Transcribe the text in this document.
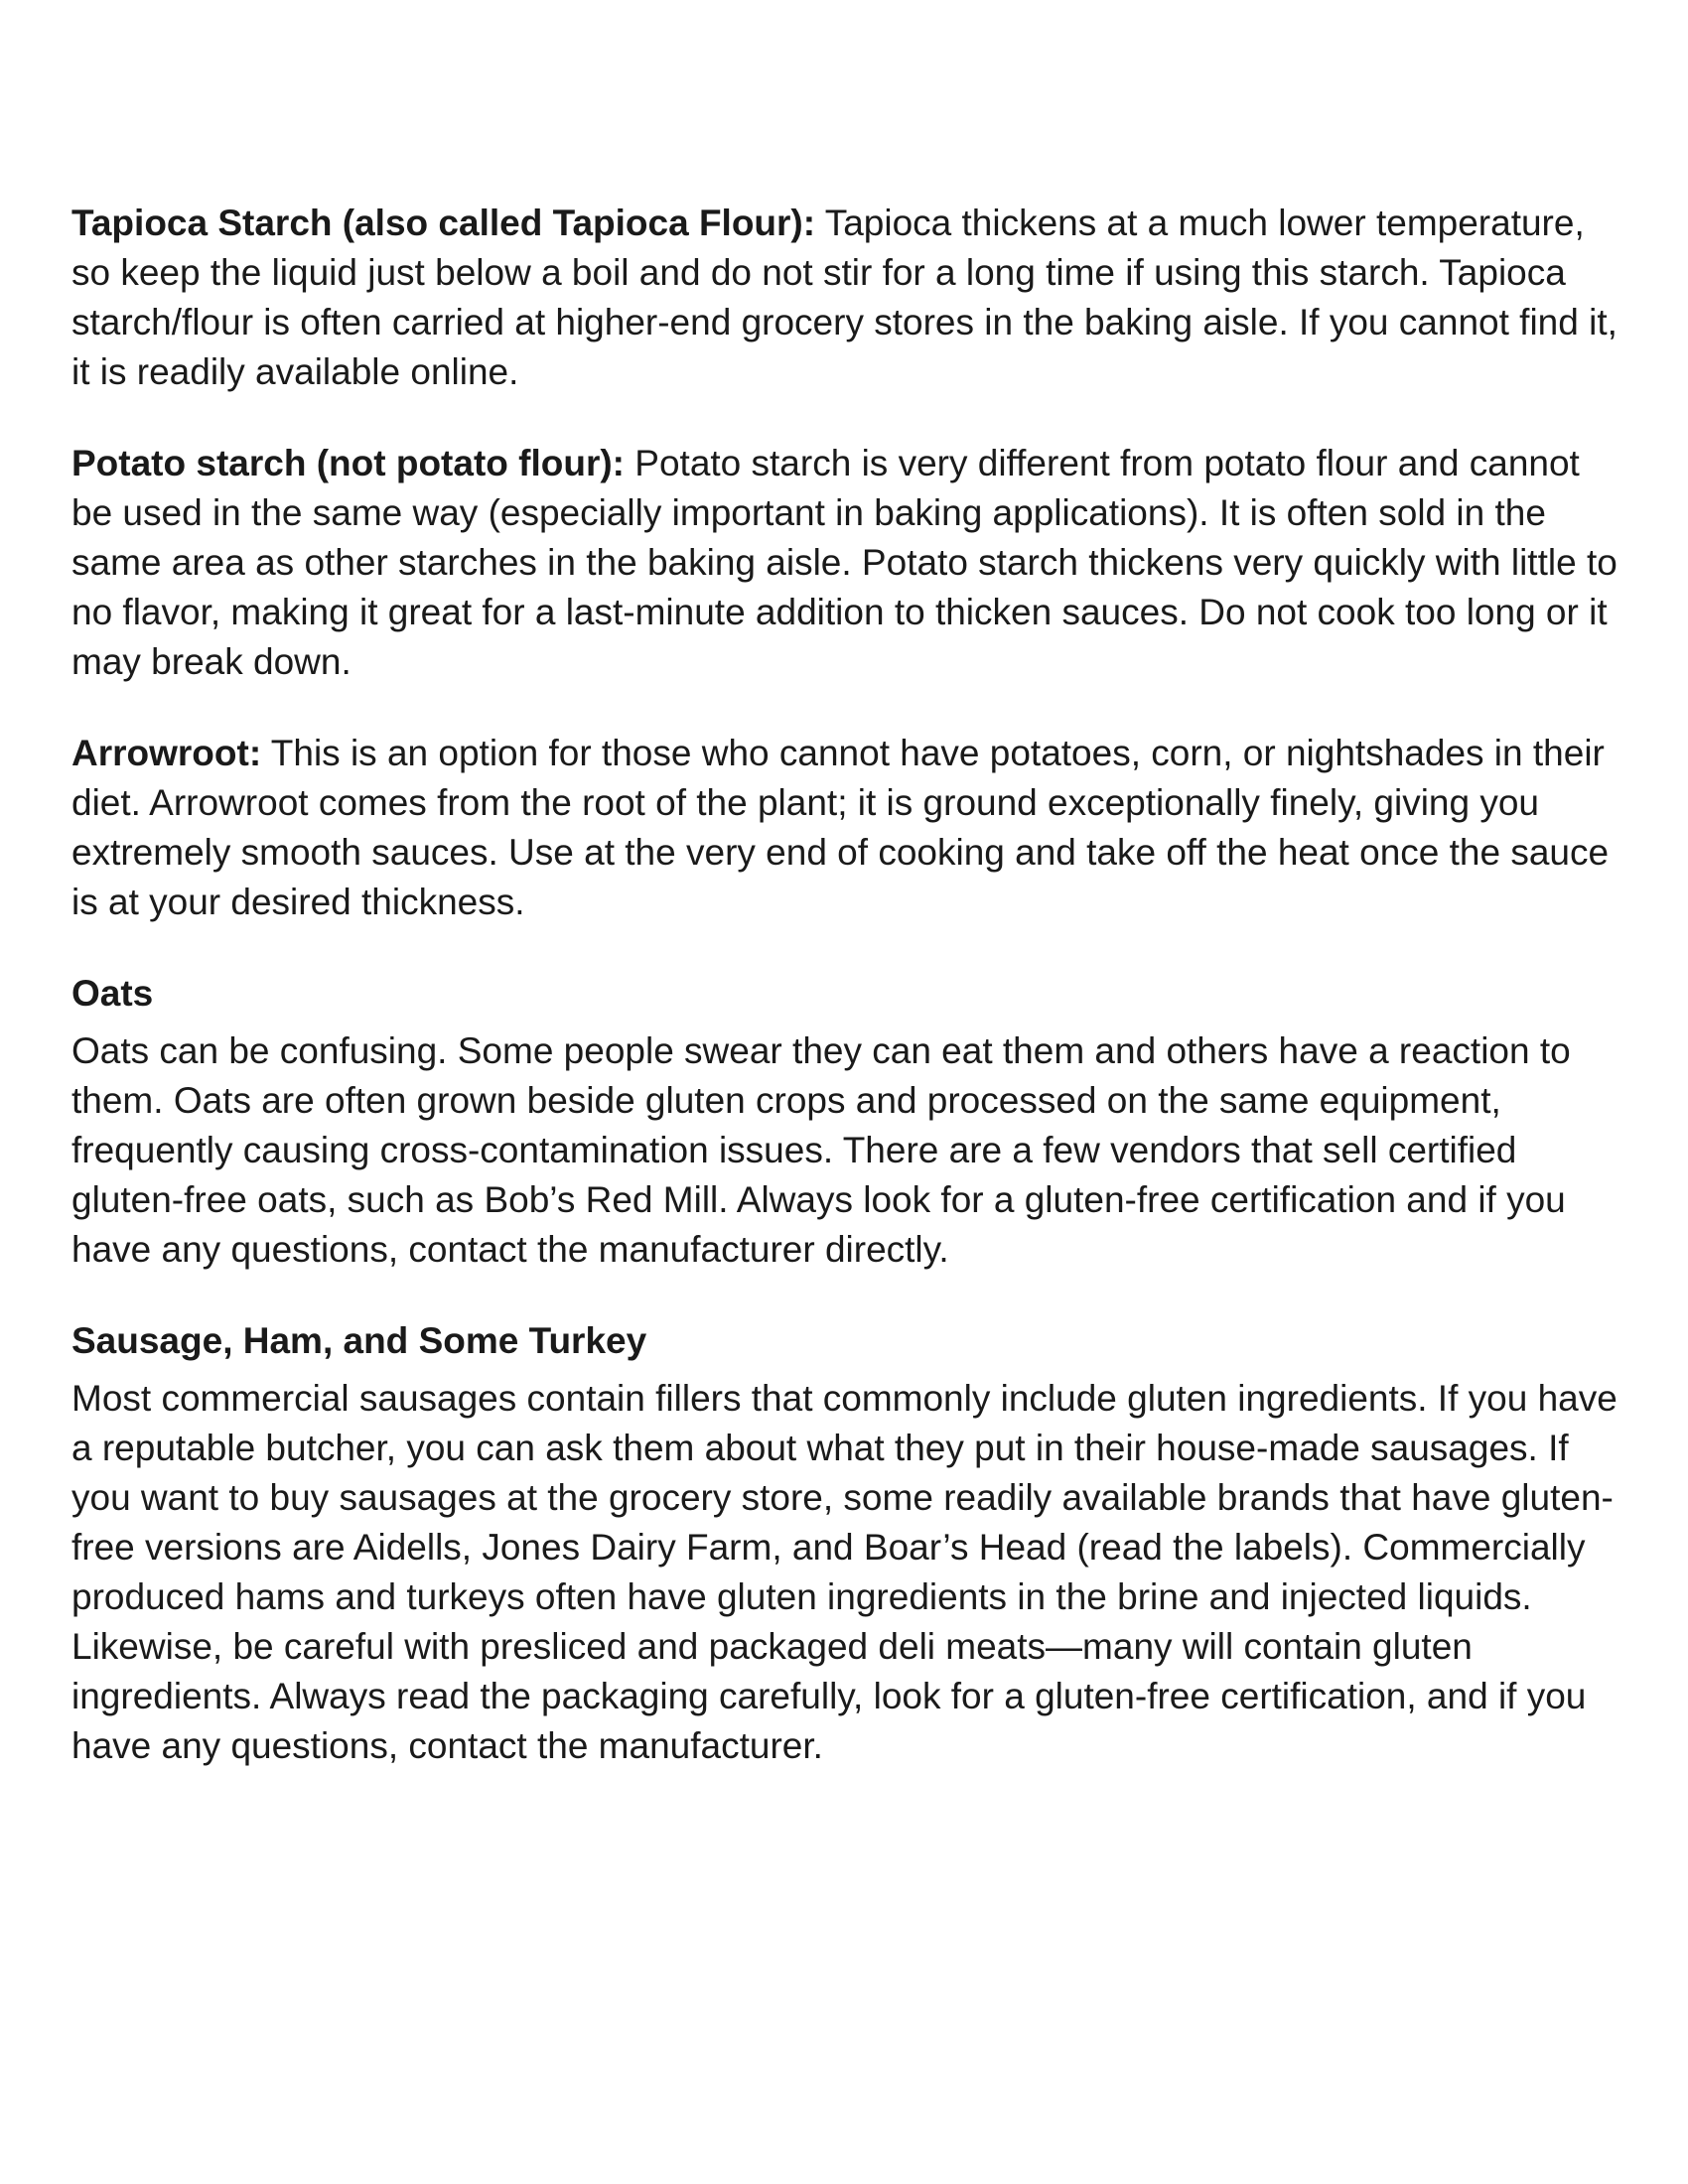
Tapioca Starch (also called Tapioca Flour): Tapioca thickens at a much lower temperature, so keep the liquid just below a boil and do not stir for a long time if using this starch. Tapioca starch/flour is often carried at higher-end grocery stores in the baking aisle. If you cannot find it, it is readily available online.

Potato starch (not potato flour): Potato starch is very different from potato flour and cannot be used in the same way (especially important in baking applications). It is often sold in the same area as other starches in the baking aisle. Potato starch thickens very quickly with little to no flavor, making it great for a last-minute addition to thicken sauces. Do not cook too long or it may break down.

Arrowroot: This is an option for those who cannot have potatoes, corn, or nightshades in their diet. Arrowroot comes from the root of the plant; it is ground exceptionally finely, giving you extremely smooth sauces. Use at the very end of cooking and take off the heat once the sauce is at your desired thickness.

Oats

Oats can be confusing. Some people swear they can eat them and others have a reaction to them. Oats are often grown beside gluten crops and processed on the same equipment, frequently causing cross-contamination issues. There are a few vendors that sell certified gluten-free oats, such as Bob’s Red Mill. Always look for a gluten-free certification and if you have any questions, contact the manufacturer directly.

Sausage, Ham, and Some Turkey

Most commercial sausages contain fillers that commonly include gluten ingredients. If you have a reputable butcher, you can ask them about what they put in their house-made sausages. If you want to buy sausages at the grocery store, some readily available brands that have gluten-free versions are Aidells, Jones Dairy Farm, and Boar’s Head (read the labels). Commercially produced hams and turkeys often have gluten ingredients in the brine and injected liquids. Likewise, be careful with presliced and packaged deli meats—many will contain gluten ingredients. Always read the packaging carefully, look for a gluten-free certification, and if you have any questions, contact the manufacturer.
